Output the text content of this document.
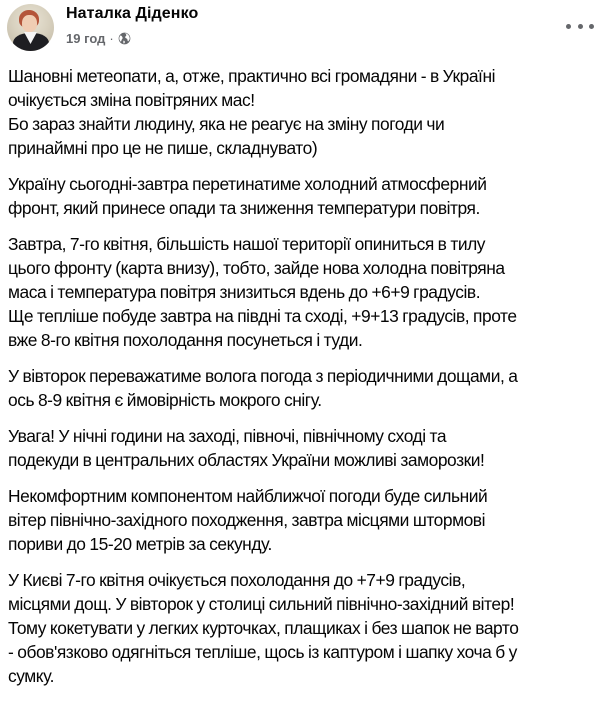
Наталка Діденко
19 год ·

Шановні метеопати, а, отже, практично всі громадяни - в Україні
очікується зміна повітряних мас!
Бо зараз знайти людину, яка не реагує на зміну погоди чи
принаймні про це не пише, складнувато)

Україну сьогодні-завтра перетинатиме холодний атмосферний
фронт, який принесе опади та зниження температури повітря.

Завтра, 7-го квітня, більшість нашої території опиниться в тилу
цього фронту (карта внизу), тобто, зайде нова холодна повітряна
маса і температура повітря знизиться вдень до +6+9 градусів.
Ще тепліше побуде завтра на півдні та сході, +9+13 градусів, проте
вже 8-го квітня похолодання посунеться і туди.

У вівторок переважатиме волога погода з періодичними дощами, а
ось 8-9 квітня є ймовірність мокрого снігу.

Увага! У нічні години на заході, півночі, північному сході та
подекуди в центральних областях України можливі заморозки!

Некомфортним компонентом найближчої погоди буде сильний
вітер північно-західного походження, завтра місцями штормові
пориви до 15-20 метрів за секунду.

У Києві 7-го квітня очікується похолодання до +7+9 градусів,
місцями дощ. У вівторок у столиці сильний північно-західний вітер!
Тому кокетувати у легких курточках, плащиках і без шапок не варто
- обов'язково одягніться тепліше, щось із каптуром і шапку хоча б у
сумку.
